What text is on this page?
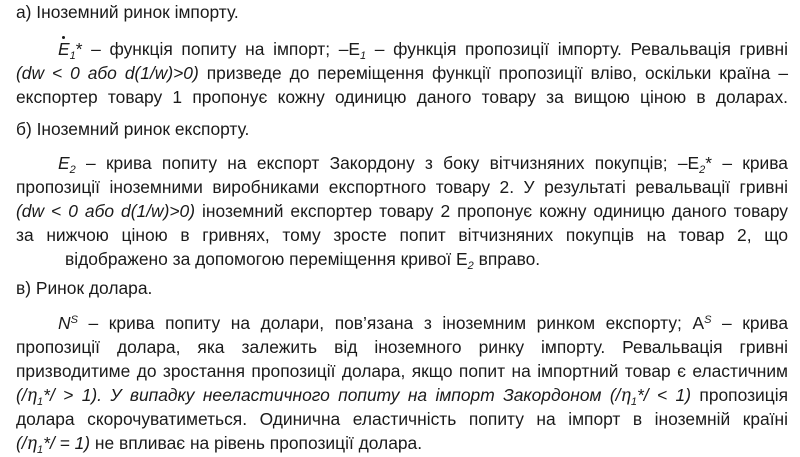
а) Іноземний ринок імпорту.
$E_1*$ – функція попиту на імпорт; $-E_1$ – функція пропозиції імпорту. Ревальвація гривні
(dw < 0 або d(1/w)>0) призведе до переміщення функції пропозиції вліво, оскільки країна –
експортер товару 1 пропонує кожну одиницю даного товару за вищою ціною в доларах.
б) Іноземний ринок експорту.
$E_2$ – крива попиту на експорт Закордону з боку вітчизняних покупців; $-E_2*$ – крива
пропозиції іноземними виробниками експортного товару 2. У результаті ревальвації гривні
(dw < 0 або d(1/w)>0) іноземний експортер товару 2 пропонує кожну одиницю даного товару
за нижчою ціною в гривнях, тому зросте попит вітчизняних покупців на товар 2, що
відображено за допомогою переміщення кривої $E_2$ вправо.
в) Ринок долара.
$N^S$ – крива попиту на долари, пов’язана з іноземним ринком експорту; $A^S$ – крива
пропозиції долара, яка залежить від іноземного ринку імпорту. Ревальвація гривні
призводитиме до зростання пропозиції долара, якщо попит на імпортний товар є еластичним
$(/\eta_1*/ > 1)$. У випадку нееластичного попиту на імпорт Закордоном $(/\eta_1*/ < 1)$ пропозиція
долара скорочуватиметься. Одинична еластичність попиту на імпорт в іноземній країні
$(/\eta_1*/ = 1)$ не впливає на рівень пропозиції долара.
